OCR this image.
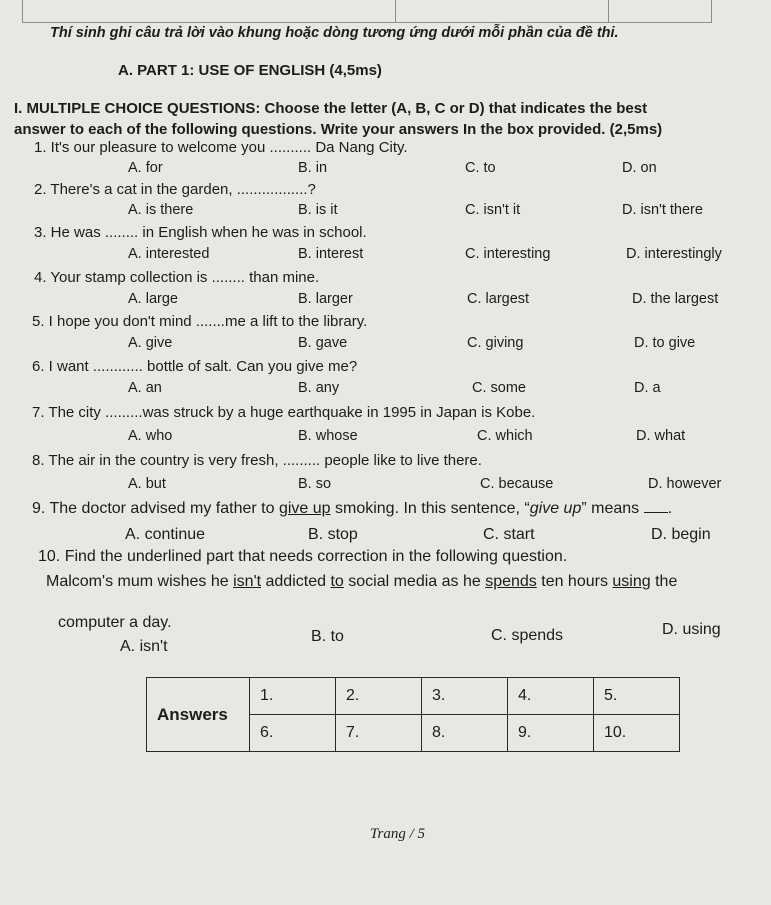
Thí sinh ghi câu trả lời vào khung hoặc dòng tương ứng dưới mỗi phần của đề thi.
A. PART 1: USE OF ENGLISH (4,5ms)
I. MULTIPLE CHOICE QUESTIONS: Choose the letter (A, B, C or D) that indicates the best
answer to each of the following questions. Write your answers In the box provided. (2,5ms)
1. It's our pleasure to welcome you .......... Da Nang City.
A. for	B. in	C. to	D. on
2. There's a cat in the garden, .................?
A. is there	B. is it	C. isn't it	D. isn't there
3. He was ........ in English when he was in school.
A. interested	B. interest	C. interesting	D. interestingly
4. Your stamp collection is ........ than mine.
A. large	B. larger	C. largest	D. the largest
5. I hope you don't mind .......me a lift to the library.
A. give	B. gave	C. giving	D. to give
6. I want ............ bottle of salt. Can you give me?
A. an	B. any	C. some	D. a
7. The city .........was struck by a huge earthquake in 1995 in Japan is Kobe.
A. who	B. whose	C. which	D. what
8. The air in the country is very fresh, ......... people like to live there.
A. but	B. so	C. because	D. however
9. The doctor advised my father to give up smoking. In this sentence, “give up” means .
A. continue	B. stop	C. start	D. begin
10. Find the underlined part that needs correction in the following question.
Malcom's mum wishes he isn't addicted to social media as he spends ten hours using the
computer a day.
A. isn't
B. to	C. spends	D. using
Answers	1.	2.	3.	4.	5.
	6.	7.	8.	9.	10.
Trang / 5
